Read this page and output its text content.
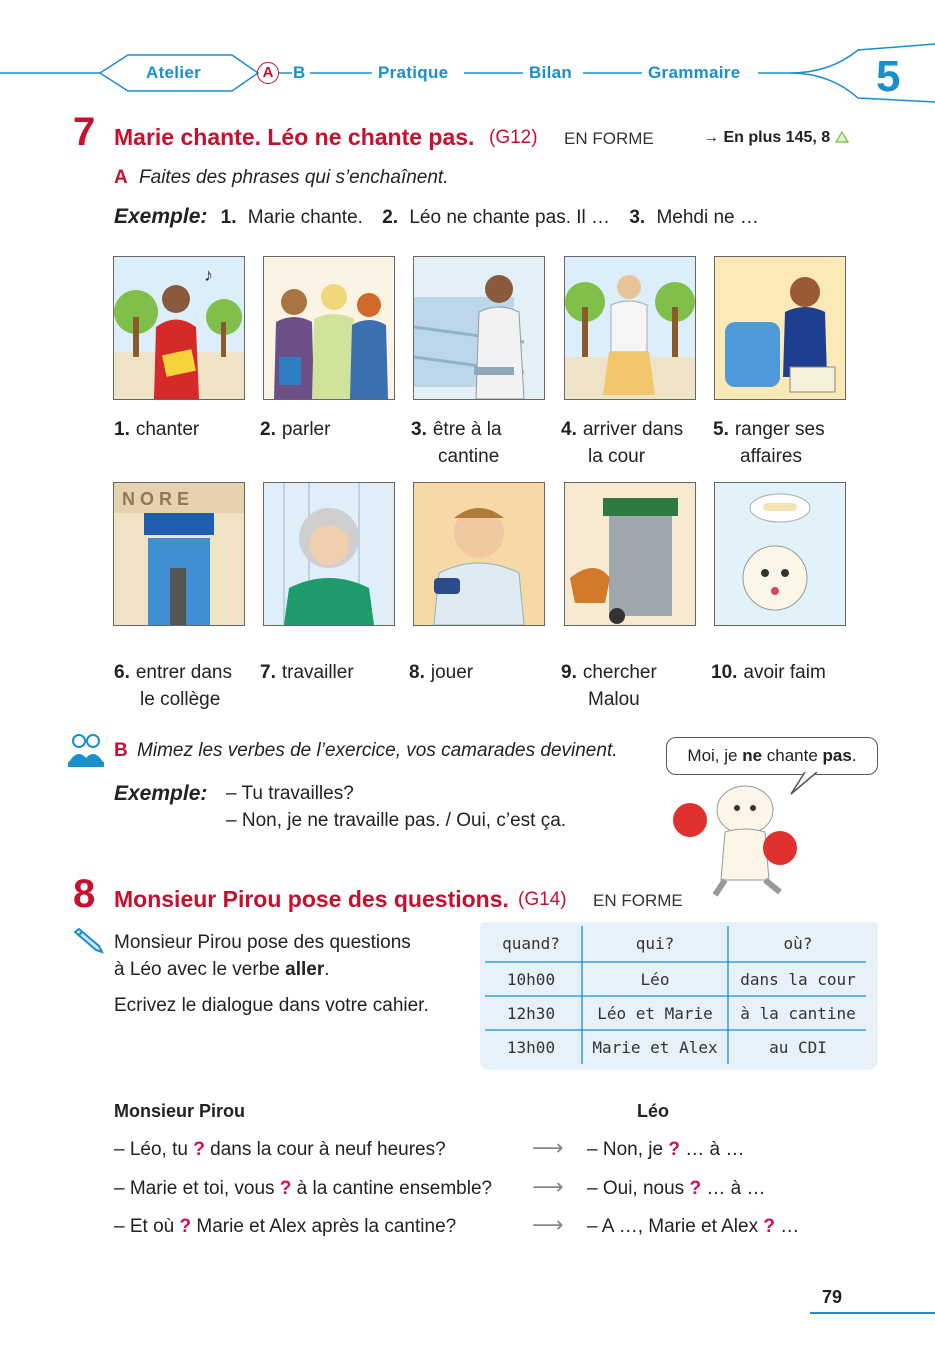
Atelier	A	B	Pratique	Bilan	Grammaire	5
7 Marie chante. Léo ne chante pas. (G12) EN FORME	→ En plus 145, 8
A Faites des phrases qui s’enchaînent.
Exemple: 1. Marie chante. 2. Léo ne chante pas. Il … 3. Mehdi ne …
♪
1. chanter	2. parler	3. être à la
cantine
4. arriver dans
la cour
5. ranger ses
affaires
N O R E
6. entrer dans
le collège
7. travailler	8. jouer	9. chercher
Malou
10. avoir faim
B Mimez les verbes de l’exercice, vos camarades devinent.	Moi, je ne chante pas.
Exemple: – Tu travailles?
– Non, je ne travaille pas. / Oui, c’est ça.
8 Monsieur Pirou pose des questions. (G14) EN FORME
Monsieur Pirou pose des questions
à Léo avec le verbe aller.
Ecrivez le dialogue dans votre cahier.
quand?	qui?	où?
10h00	Léo	dans la cour
12h30	Léo et Marie	à la cantine
13h00	Marie et Alex	au CDI
Monsieur Pirou	Léo
– Léo, tu ? dans la cour à neuf heures?	⟶ – Non, je ? … à …
– Marie et toi, vous ? à la cantine ensemble? ⟶ – Oui, nous ? … à …
– Et où ? Marie et Alex après la cantine?	⟶ – A …, Marie et Alex ? …
79
